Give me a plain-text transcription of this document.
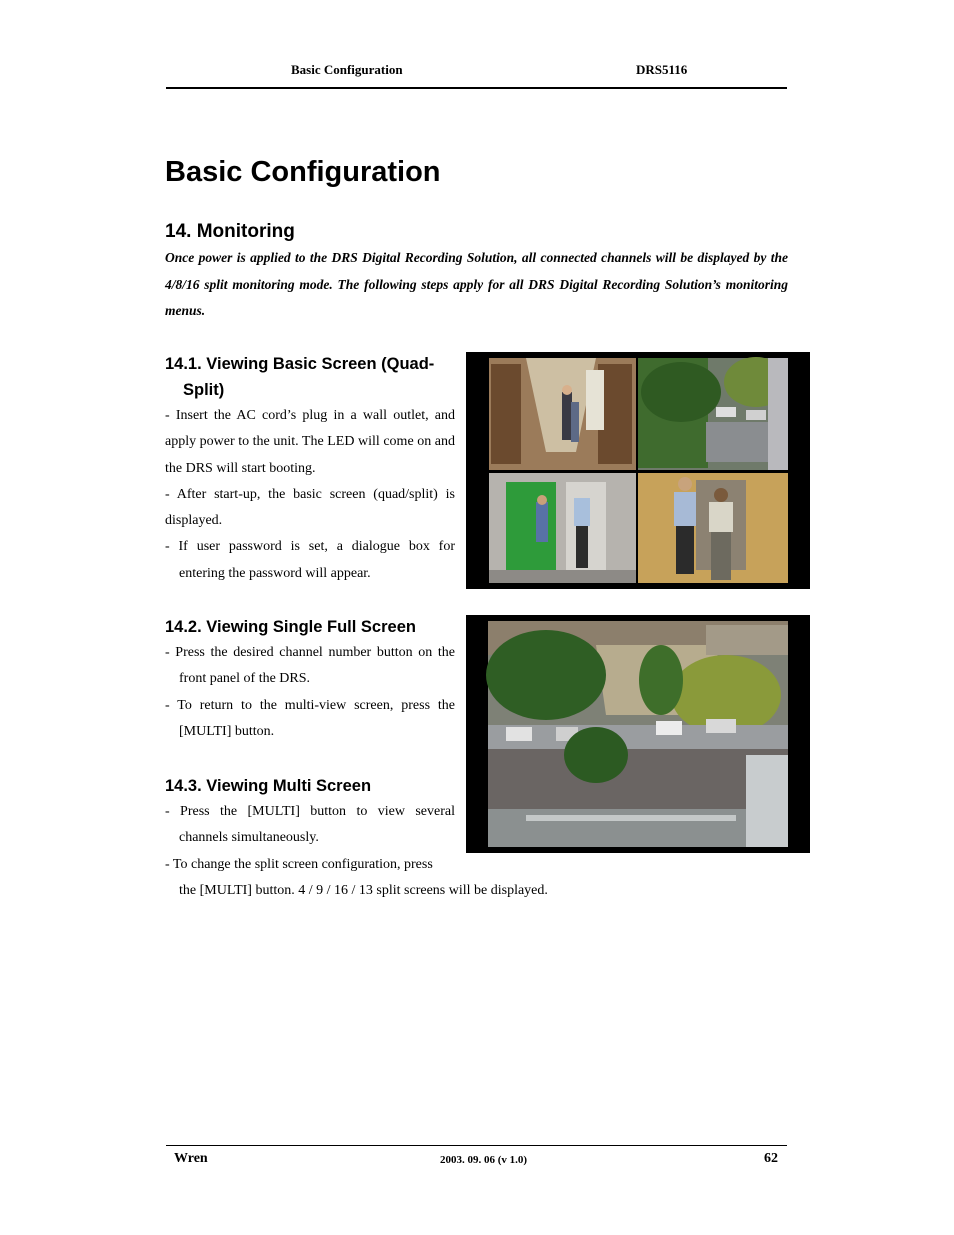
Basic Configuration	DRS5116
Basic Configuration
14. Monitoring

Once power is applied to the DRS Digital Recording Solution, all connected channels will be displayed by the 4/8/16 split monitoring mode. The following steps apply for all DRS Digital Recording Solution’s monitoring menus.

14.1. Viewing Basic Screen (Quad-
Split)

- Insert the AC cord’s plug in a wall outlet, and apply power to the unit. The LED will come on and the DRS will start booting.

- After start-up, the basic screen (quad/split) is displayed.

- If user password is set, a dialogue box for entering the password will appear.

14.2. Viewing Single Full Screen

- Press the desired channel number button on the front panel of the DRS.

- To return to the multi-view screen, press the [MULTI] button.

14.3. Viewing Multi Screen

- Press the [MULTI] button to view several channels simultaneously.

- To change the split screen configuration, press

the [MULTI] button. 4 / 9 / 16 / 13 split screens will be displayed.

Wren	2003. 09. 06 (v 1.0)	62
